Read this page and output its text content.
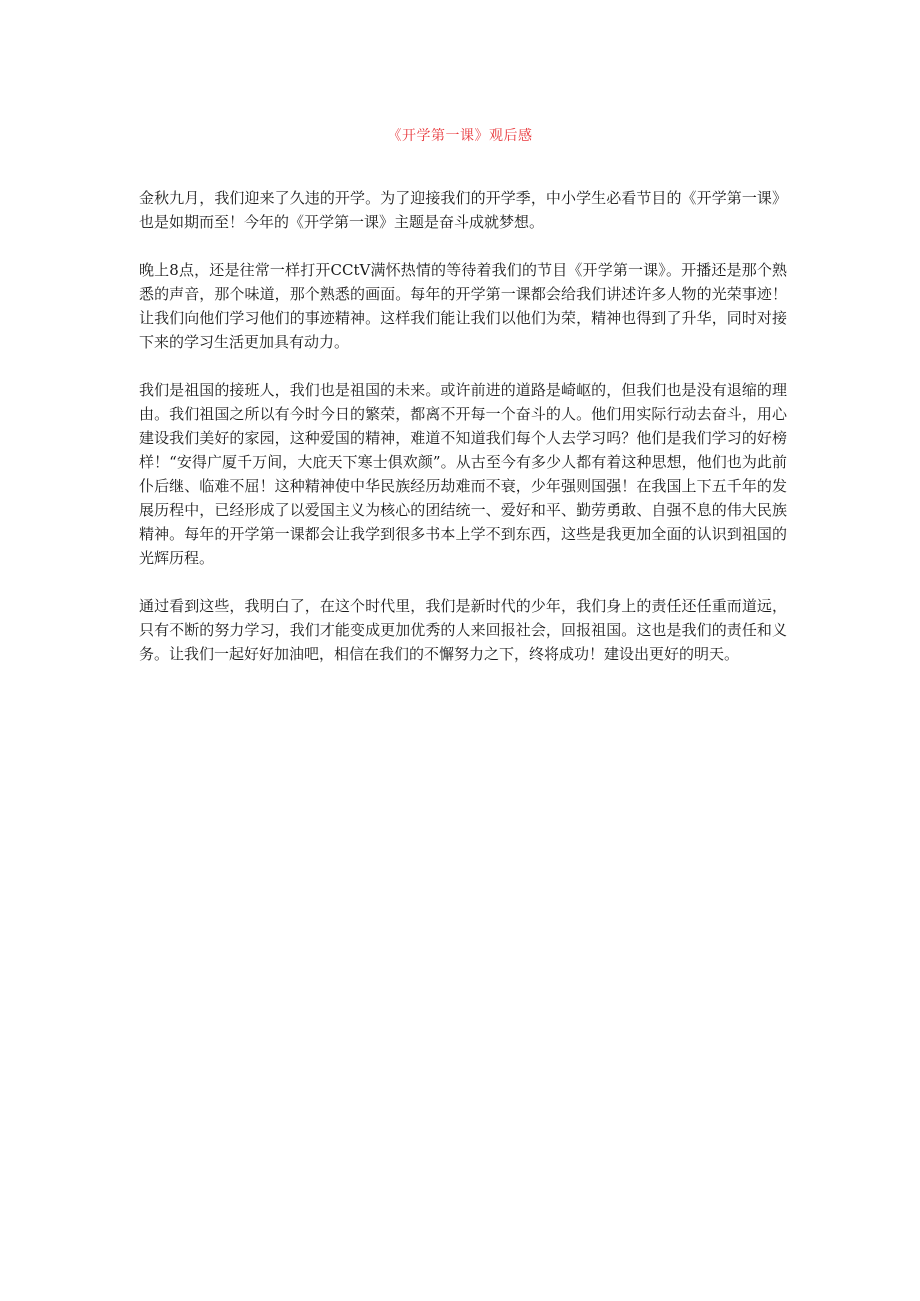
《开学第一课》观后感

金秋九月，我们迎来了久违的开学。为了迎接我们的开学季，中小学生必看节目的《开学第一课》也是如期而至！今年的《开学第一课》主题是奋斗成就梦想。

晚上8点，还是往常一样打开CCtV满怀热情的等待着我们的节目《开学第一课》。开播还是那个熟悉的声音，那个味道，那个熟悉的画面。每年的开学第一课都会给我们讲述许多人物的光荣事迹！让我们向他们学习他们的事迹精神。这样我们能让我们以他们为荣，精神也得到了升华，同时对接下来的学习生活更加具有动力。

我们是祖国的接班人，我们也是祖国的未来。或许前进的道路是崎岖的，但我们也是没有退缩的理由。我们祖国之所以有今时今日的繁荣，都离不开每一个奋斗的人。他们用实际行动去奋斗，用心建设我们美好的家园，这种爱国的精神，难道不知道我们每个人去学习吗？他们是我们学习的好榜样！“安得广厦千万间，大庇天下寒士俱欢颜”。从古至今有多少人都有着这种思想，他们也为此前仆后继、临难不屈！这种精神使中华民族经历劫难而不衰，少年强则国强！在我国上下五千年的发展历程中，已经形成了以爱国主义为核心的团结统一、爱好和平、勤劳勇敢、自强不息的伟大民族精神。每年的开学第一课都会让我学到很多书本上学不到东西，这些是我更加全面的认识到祖国的光辉历程。

通过看到这些，我明白了，在这个时代里，我们是新时代的少年，我们身上的责任还任重而道远，只有不断的努力学习，我们才能变成更加优秀的人来回报社会，回报祖国。这也是我们的责任和义务。让我们一起好好加油吧，相信在我们的不懈努力之下，终将成功！建设出更好的明天。
